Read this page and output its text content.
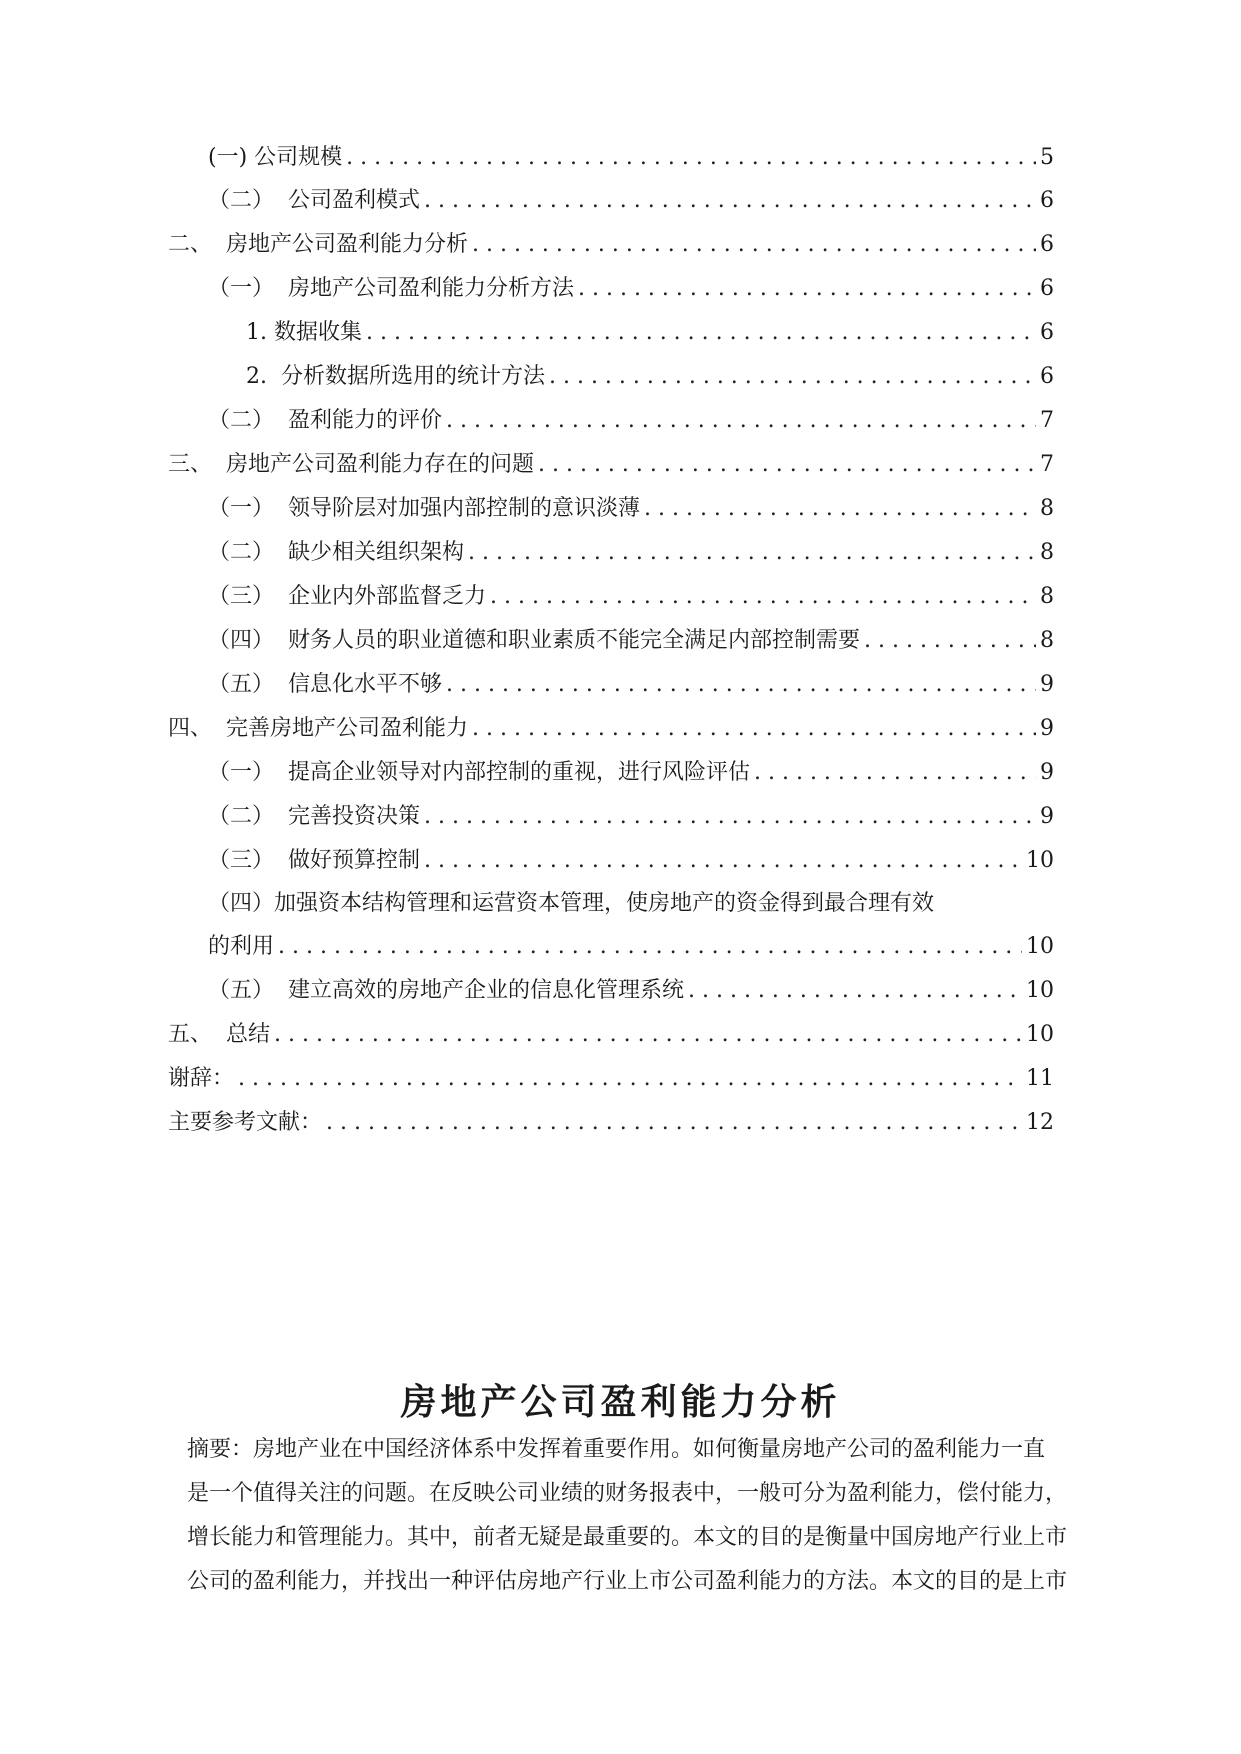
(一) 公司规模 . . .	5
（二）  公司盈利模式 . . .	6
二、  房地产公司盈利能力分析 . . .	6
（一）  房地产公司盈利能力分析方法 . . .	6
1. 数据收集 . . .	6
2.  分析数据所选用的统计方法 . . .	6
（二）  盈利能力的评价 . . .	7
三、  房地产公司盈利能力存在的问题 . . .	7
（一）  领导阶层对加强内部控制的意识淡薄 . . .	8
（二）  缺少相关组织架构 . . .	8
（三）  企业内外部监督乏力 . . .	8
（四）  财务人员的职业道德和职业素质不能完全满足内部控制需要 . . .	8
（五）  信息化水平不够 . . .	9
四、  完善房地产公司盈利能力 . . .	9
（一）  提高企业领导对内部控制的重视，进行风险评估 . . .	9
（二）  完善投资决策 . . .	9
（三）  做好预算控制 . . .	10
（四）加强资本结构管理和运营资本管理，使房地产的资金得到最合理有效
的利用 . . .	10
（五）  建立高效的房地产企业的信息化管理系统 . . .	10
五、  总结 . . .	10
谢辞： . . .	11
主要参考文献： . . .	12
房地产公司盈利能力分析
摘要：房地产业在中国经济体系中发挥着重要作用。如何衡量房地产公司的盈利能力一直
是一个值得关注的问题。在反映公司业绩的财务报表中，一般可分为盈利能力，偿付能力，
增长能力和管理能力。其中，前者无疑是最重要的。本文的目的是衡量中国房地产行业上市
公司的盈利能力，并找出一种评估房地产行业上市公司盈利能力的方法。本文的目的是上市
